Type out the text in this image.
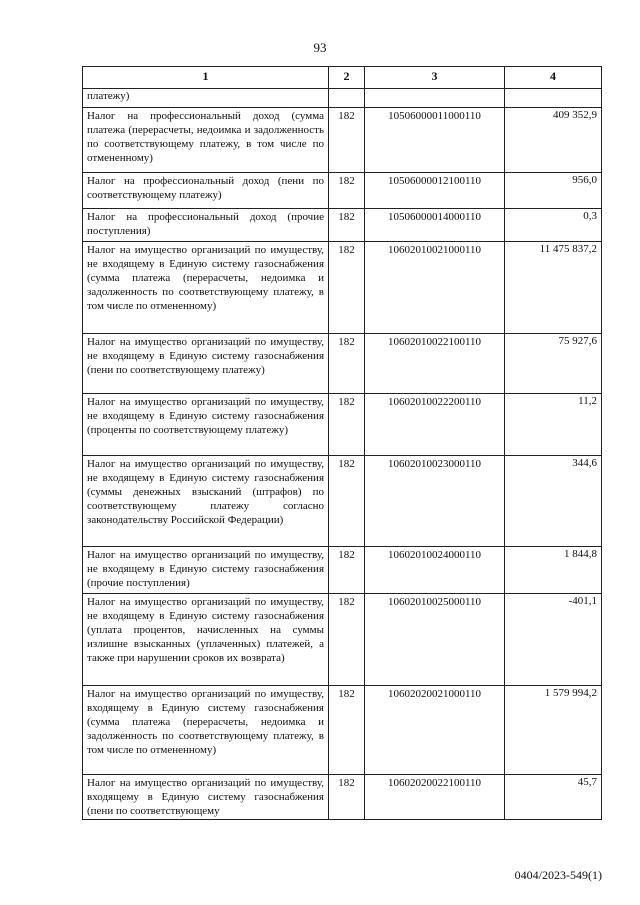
93
1	2	3	4
платежу)			
Налог на профессиональный доход (сумма платежа (перерасчеты, недоимка и задолженность по соответствующему платежу, в том числе по отмененному)	182	10506000011000110	409 352,9
Налог на профессиональный доход (пени по соответствующему платежу)	182	10506000012100110	956,0
Налог на профессиональный доход (прочие поступления)	182	10506000014000110	0,3
Налог на имущество организаций по имуществу, не входящему в Единую систему газоснабжения (сумма платежа (перерасчеты, недоимка и задолженность по соответствующему платежу, в том числе по отмененному)	182	10602010021000110	11 475 837,2
Налог на имущество организаций по имуществу, не входящему в Единую систему газоснабжения (пени по соответствующему платежу)	182	10602010022100110	75 927,6
Налог на имущество организаций по имуществу, не входящему в Единую систему газоснабжения (проценты по соответствующему платежу)	182	10602010022200110	11,2
Налог на имущество организаций по имуществу, не входящему в Единую систему газоснабжения (суммы денежных взысканий (штрафов) по соответствующему платежу согласно законодательству Российской Федерации)	182	10602010023000110	344,6
Налог на имущество организаций по имуществу, не входящему в Единую систему газоснабжения (прочие поступления)	182	10602010024000110	1 844,8
Налог на имущество организаций по имуществу, не входящему в Единую систему газоснабжения (уплата процентов, начисленных на суммы излишне взысканных (уплаченных) платежей, а также при нарушении сроков их возврата)	182	10602010025000110	-401,1
Налог на имущество организаций по имуществу, входящему в Единую систему газоснабжения (сумма платежа (перерасчеты, недоимка и задолженность по соответствующему платежу, в том числе по отмененному)	182	10602020021000110	1 579 994,2
Налог на имущество организаций по имуществу, входящему в Единую систему газоснабжения (пени по соответствующему	182	10602020022100110	45,7
0404/2023-549(1)
